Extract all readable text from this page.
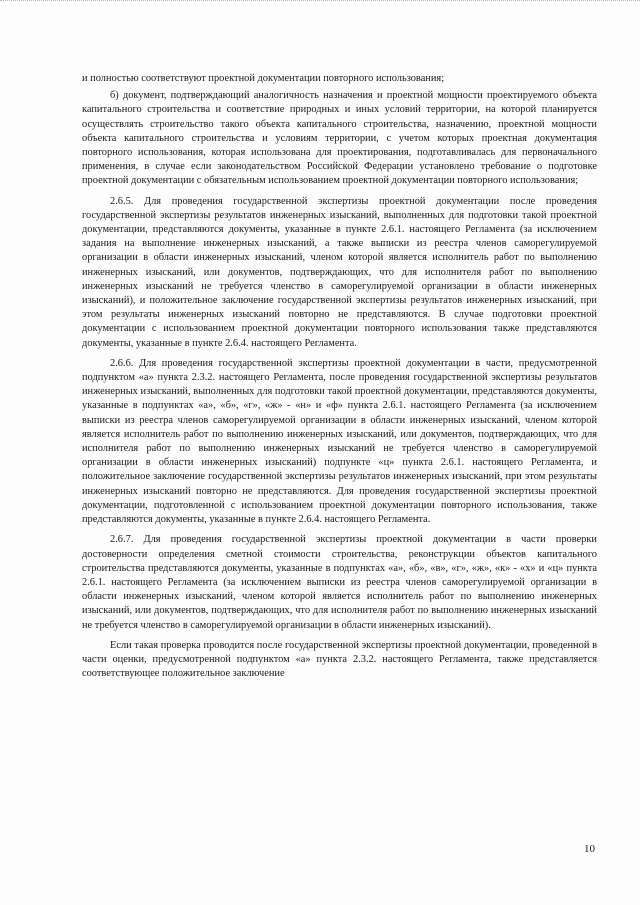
и полностью соответствуют проектной документации повторного использования;

б) документ, подтверждающий аналогичность назначения и проектной мощности проектируемого объекта капитального строительства и соответствие природных и иных условий территории, на которой планируется осуществлять строительство такого объекта капитального строительства, назначению, проектной мощности объекта капитального строительства и условиям территории, с учетом которых проектная документация повторного использования, которая использована для проектирования, подготавливалась для первоначального применения, в случае если законодательством Российской Федерации установлено требование о подготовке проектной документации с обязательным использованием проектной документации повторного использования;

2.6.5. Для проведения государственной экспертизы проектной документации после проведения государственной экспертизы результатов инженерных изысканий, выполненных для подготовки такой проектной документации, представляются документы, указанные в пункте 2.6.1. настоящего Регламента (за исключением задания на выполнение инженерных изысканий, а также выписки из реестра членов саморегулируемой организации в области инженерных изысканий, членом которой является исполнитель работ по выполнению инженерных изысканий, или документов, подтверждающих, что для исполнителя работ по выполнению инженерных изысканий не требуется членство в саморегулируемой организации в области инженерных изысканий), и положительное заключение государственной экспертизы результатов инженерных изысканий, при этом результаты инженерных изысканий повторно не представляются. В случае подготовки проектной документации с использованием проектной документации повторного использования также представляются документы, указанные в пункте 2.6.4. настоящего Регламента.

2.6.6. Для проведения государственной экспертизы проектной документации в части, предусмотренной подпунктом «а» пункта 2.3.2. настоящего Регламента, после проведения государственной экспертизы результатов инженерных изысканий, выполненных для подготовки такой проектной документации, представляются документы, указанные в подпунктах «а», «б», «г», «ж» - «н» и «ф» пункта 2.6.1. настоящего Регламента (за исключением выписки из реестра членов саморегулируемой организации в области инженерных изысканий, членом которой является исполнитель работ по выполнению инженерных изысканий, или документов, подтверждающих, что для исполнителя работ по выполнению инженерных изысканий не требуется членство в саморегулируемой организации в области инженерных изысканий) подпункте «ц» пункта 2.6.1. настоящего Регламента, и положительное заключение государственной экспертизы результатов инженерных изысканий, при этом результаты инженерных изысканий повторно не представляются. Для проведения государственной экспертизы проектной документации, подготовленной с использованием проектной документации повторного использования, также представляются документы, указанные в пункте 2.6.4. настоящего Регламента.

2.6.7. Для проведения государственной экспертизы проектной документации в части проверки достоверности определения сметной стоимости строительства, реконструкции объектов капитального строительства представляются документы, указанные в подпунктах «а», «б», «в», «г», «ж», «к» - «х» и «ц» пункта 2.6.1. настоящего Регламента (за исключением выписки из реестра членов саморегулируемой организации в области инженерных изысканий, членом которой является исполнитель работ по выполнению инженерных изысканий, или документов, подтверждающих, что для исполнителя работ по выполнению инженерных изысканий не требуется членство в саморегулируемой организации в области инженерных изысканий).

Если такая проверка проводится после государственной экспертизы проектной документации, проведенной в части оценки, предусмотренной подпунктом «а» пункта 2.3.2. настоящего Регламента, также представляется соответствующее положительное заключение

10
